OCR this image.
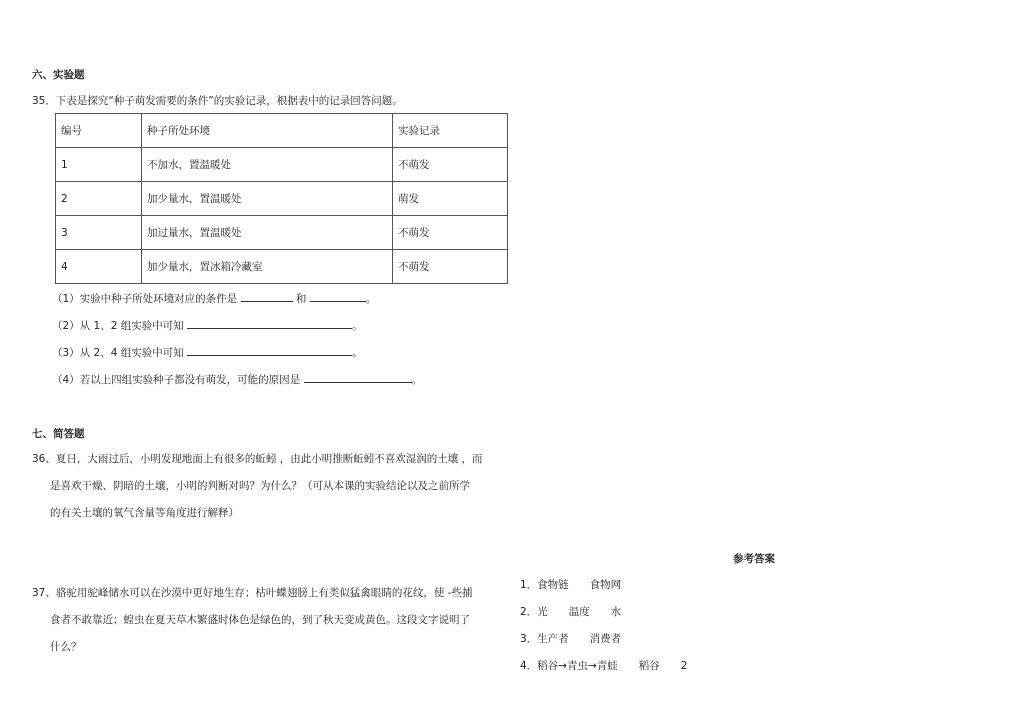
六、实验题
35．下表是探究“种子萌发需要的条件”的实验记录，根据表中的记录回答问题。
编号	种子所处环境	实验记录
1	不加水，置温暖处	不萌发
2	加少量水，置温暖处	萌发
3	加过量水，置温暖处	不萌发
4	加少量水，置冰箱冷藏室	不萌发
（1）实验中种子所处环境对应的条件是	和	。
（2）从 1、2 组实验中可知	。
（3）从 2、4 组实验中可知	。
（4）若以上四组实验种子都没有萌发，可能的原因是	。
七、简答题
36、夏日，大雨过后，小明发现地面上有很多的蚯蚓 ，由此小明推断蚯蚓不喜欢湿润的土壤 ，而
是喜欢干燥、阴暗的土壤，小明的判断对吗？为什么？（可从本课的实验结论以及之前所学
的有关土壤的氧气含量等角度进行解释）
37、骆驼用驼峰储水可以在沙漠中更好地生存；枯叶蝶翅膀上有类似猛禽眼睛的花纹，使 -些捕
食者不敢靠近；蝗虫在夏天草木繁盛时体色是绿色的，到了秋天变成黄色。这段文字说明了
什么？
参考答案
1．食物链　　食物网
2．光　　温度　　水
3．生产者　　消费者
4．稻谷→青虫→青蛙　　稻谷　　2
